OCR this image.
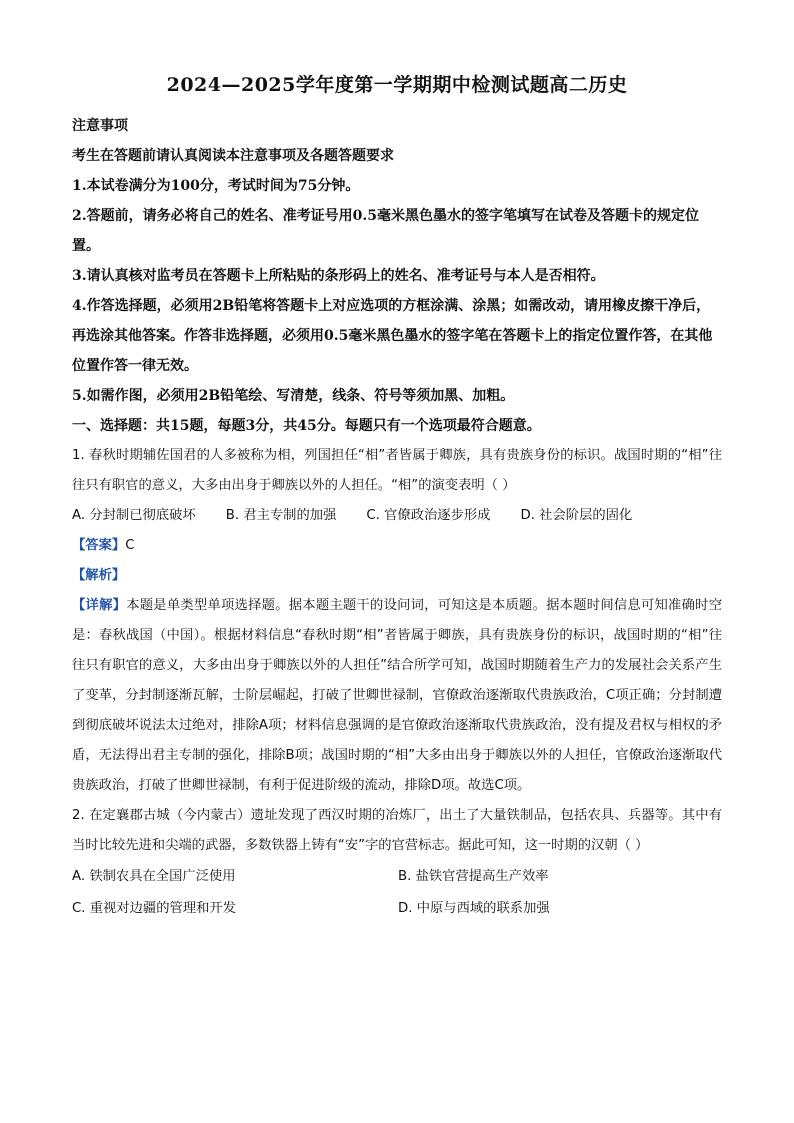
2024—2025学年度第一学期期中检测试题高二历史

注意事项

考生在答题前请认真阅读本注意事项及各题答题要求

1.本试卷满分为100分，考试时间为75分钟。

2.答题前，请务必将自己的姓名、准考证号用0.5毫米黑色墨水的签字笔填写在试卷及答题卡的规定位置。

3.请认真核对监考员在答题卡上所粘贴的条形码上的姓名、准考证号与本人是否相符。

4.作答选择题，必须用2B铅笔将答题卡上对应选项的方框涂满、涂黑；如需改动，请用橡皮擦干净后，再选涂其他答案。作答非选择题，必须用0.5毫米黑色墨水的签字笔在答题卡上的指定位置作答，在其他位置作答一律无效。

5.如需作图，必须用2B铅笔绘、写清楚，线条、符号等须加黑、加粗。

一、选择题：共15题，每题3分，共45分。每题只有一个选项最符合题意。

1. 春秋时期辅佐国君的人多被称为相，列国担任“相”者皆属于卿族，具有贵族身份的标识。战国时期的“相”往往只有职官的意义，大多由出身于卿族以外的人担任。“相”的演变表明（ ）

A. 分封制已彻底破坏 B. 君主专制的加强 C. 官僚政治逐步形成 D. 社会阶层的固化

【答案】C

【解析】

【详解】本题是单类型单项选择题。据本题主题干的设问词，可知这是本质题。据本题时间信息可知准确时空是：春秋战国（中国）。根据材料信息“春秋时期“相”者皆属于卿族，具有贵族身份的标识，战国时期的“相”往往只有职官的意义，大多由出身于卿族以外的人担任”结合所学可知，战国时期随着生产力的发展社会关系产生了变革，分封制逐渐瓦解，士阶层崛起，打破了世卿世禄制，官僚政治逐渐取代贵族政治，C项正确；分封制遭到彻底破坏说法太过绝对，排除A项；材料信息强调的是官僚政治逐渐取代贵族政治，没有提及君权与相权的矛盾，无法得出君主专制的强化，排除B项；战国时期的“相”大多由出身于卿族以外的人担任，官僚政治逐渐取代贵族政治，打破了世卿世禄制，有利于促进阶级的流动，排除D项。故选C项。

2. 在定襄郡古城（今内蒙古）遗址发现了西汉时期的冶炼厂，出土了大量铁制品，包括农具、兵器等。其中有当时比较先进和尖端的武器，多数铁器上铸有“安”字的官营标志。据此可知，这一时期的汉朝（ ）

A. 铁制农具在全国广泛使用	B. 盐铁官营提高生产效率
C. 重视对边疆的管理和开发	D. 中原与西域的联系加强
